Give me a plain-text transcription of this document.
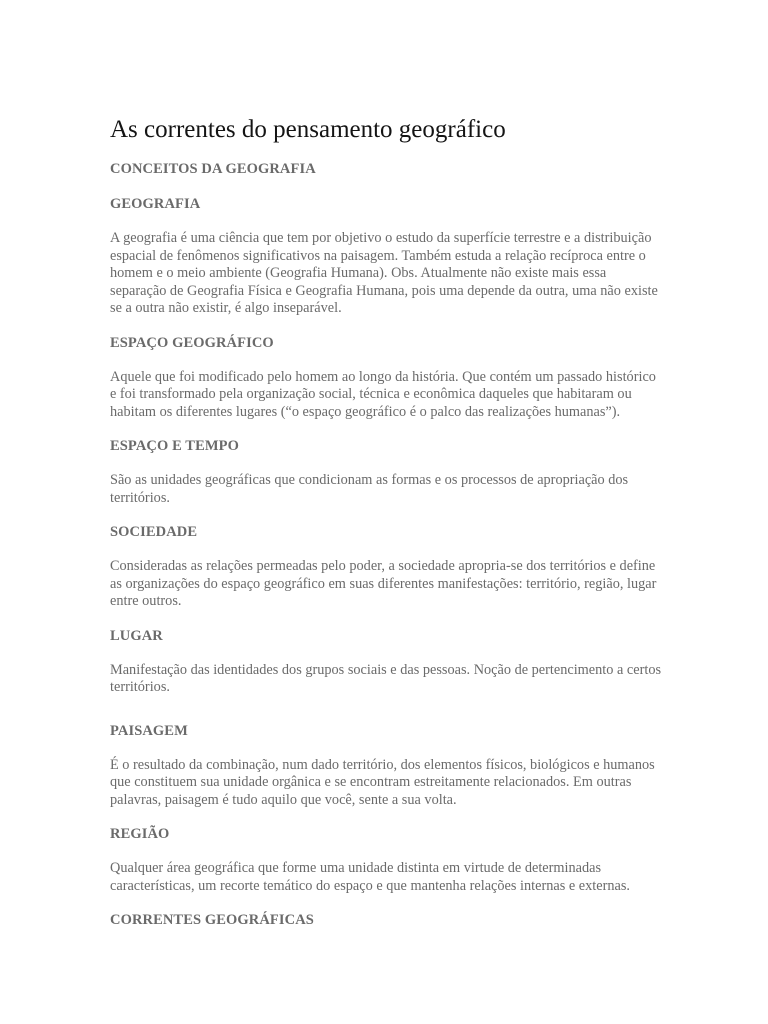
As correntes do pensamento geográfico
CONCEITOS DA GEOGRAFIA
GEOGRAFIA

A geografia é uma ciência que tem por objetivo o estudo da superfície terrestre e a distribuição espacial de fenômenos significativos na paisagem. Também estuda a relação recíproca entre o homem e o meio ambiente (Geografia Humana). Obs. Atualmente não existe mais essa separação de Geografia Física e Geografia Humana, pois uma depende da outra, uma não existe se a outra não existir, é algo inseparável.

ESPAÇO GEOGRÁFICO

Aquele que foi modificado pelo homem ao longo da história. Que contém um passado histórico e foi transformado pela organização social, técnica e econômica daqueles que habitaram ou habitam os diferentes lugares (“o espaço geográfico é o palco das realizações humanas”).

ESPAÇO E TEMPO

São as unidades geográficas que condicionam as formas e os processos de apropriação dos territórios.

SOCIEDADE

Consideradas as relações permeadas pelo poder, a sociedade apropria-se dos territórios e define as organizações do espaço geográfico em suas diferentes manifestações: território, região, lugar entre outros.

LUGAR

Manifestação das identidades dos grupos sociais e das pessoas. Noção de pertencimento a certos territórios.

PAISAGEM

É o resultado da combinação, num dado território, dos elementos físicos, biológicos e humanos que constituem sua unidade orgânica e se encontram estreitamente relacionados. Em outras palavras, paisagem é tudo aquilo que você, sente a sua volta.

REGIÃO

Qualquer área geográfica que forme uma unidade distinta em virtude de determinadas características, um recorte temático do espaço e que mantenha relações internas e externas.

CORRENTES GEOGRÁFICAS
